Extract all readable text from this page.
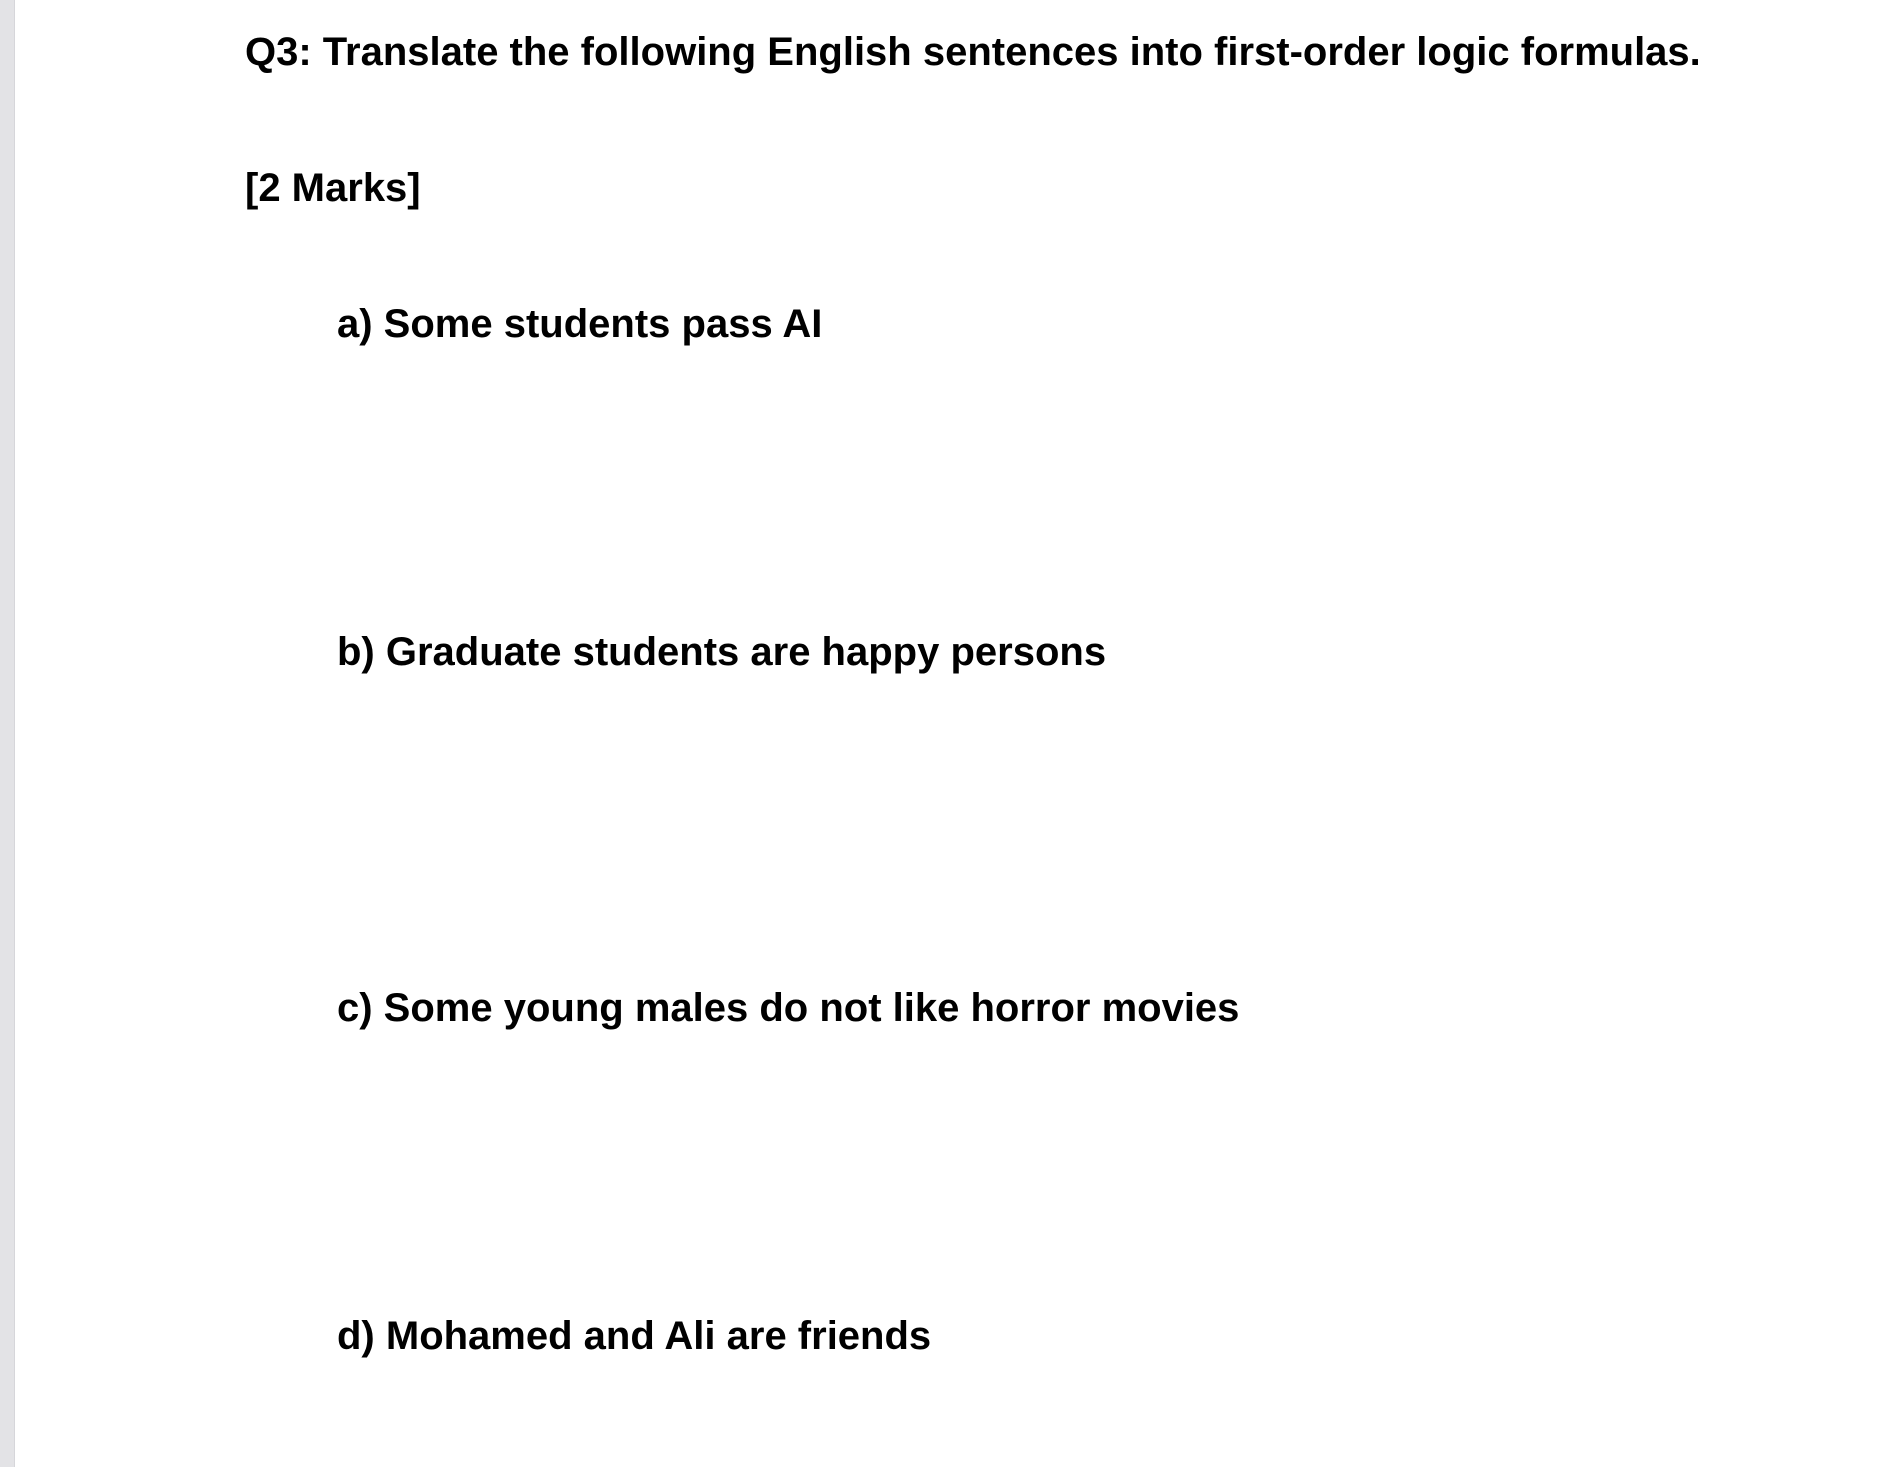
Q3: Translate the following English sentences into first-order logic formulas.

[2 Marks]

a) Some students pass AI

b) Graduate students are happy persons

c) Some young males do not like horror movies

d) Mohamed and Ali are friends
